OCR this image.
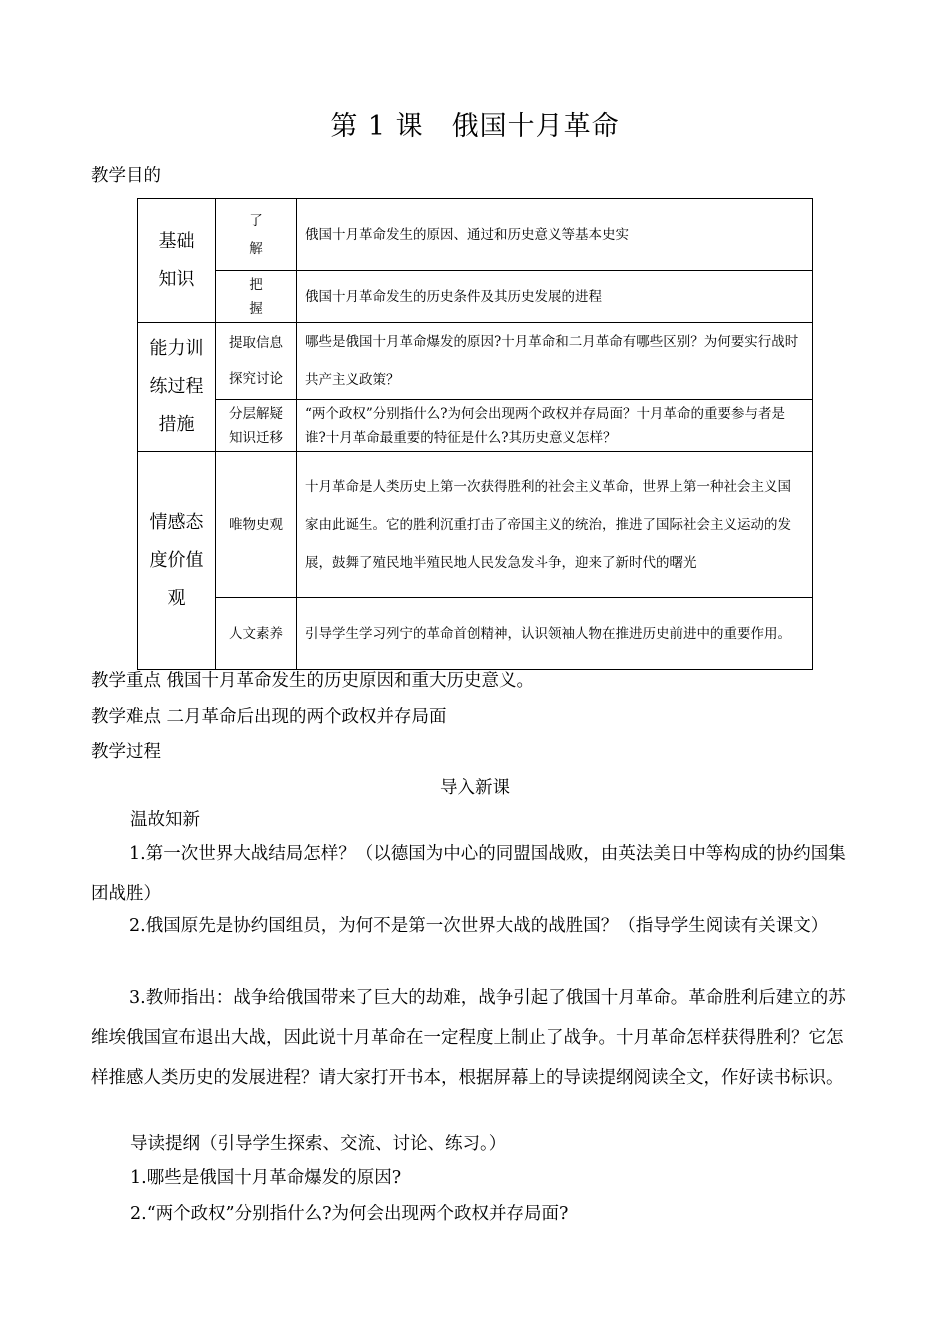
第 1 课　俄国十月革命
教学目的
基础知识	了　　解	俄国十月革命发生的原因、通过和历史意义等基本史实

	把　　握	俄国十月革命发生的历史条件及其历史发展的进程

能力训练过程措施	提取信息探究讨论	哪些是俄国十月革命爆发的原因?十月革命和二月革命有哪些区别？为何要实行战时共产主义政策？

	分层解疑知识迁移	“两个政权”分别指什么?为何会出现两个政权并存局面？十月革命的重要参与者是谁?十月革命最重要的特征是什么?其历史意义怎样？

情感态度价值观	唯物史观	十月革命是人类历史上第一次获得胜利的社会主义革命，世界上第一种社会主义国家由此诞生。它的胜利沉重打击了帝国主义的统治，推进了国际社会主义运动的发展，鼓舞了殖民地半殖民地人民发急发斗争，迎来了新时代的曙光
	人文素养	引导学生学习列宁的革命首创精神，认识领袖人物在推进历史前进中的重要作用。
教学重点 俄国十月革命发生的历史原因和重大历史意义。
教学难点 二月革命后出现的两个政权并存局面
教学过程
导入新课
温故知新
1.第一次世界大战结局怎样？（以德国为中心的同盟国战败，由英法美日中等构成的协约国集团战胜）
2.俄国原先是协约国组员，为何不是第一次世界大战的战胜国？（指导学生阅读有关课文）
3.教师指出：战争给俄国带来了巨大的劫难，战争引起了俄国十月革命。革命胜利后建立的苏维埃俄国宣布退出大战，因此说十月革命在一定程度上制止了战争。十月革命怎样获得胜利？它怎样推感人类历史的发展进程？请大家打开书本，根据屏幕上的导读提纲阅读全文，作好读书标识。
导读提纲（引导学生探索、交流、讨论、练习。）
1.哪些是俄国十月革命爆发的原因?
2.“两个政权”分别指什么?为何会出现两个政权并存局面?
